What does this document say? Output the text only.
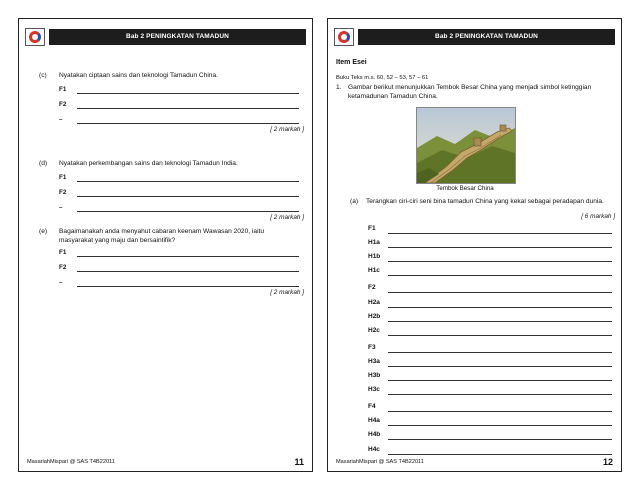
Bab 2 PENINGKATAN TAMADUN
(c) Nyatakan ciptaan sains dan teknologi Tamadun China.
F1
F2
–
[ 2 markah ]
(d) Nyatakan perkembangan sains dan teknologi Tamadun India.
F1
F2
–
[ 2 markah ]
(e) Bagaimanakah anda menyahut cabaran keenam Wawasan 2020, iaitu masyarakat yang maju dan bersaintifik?
F1
F2
–
[ 2 markah ]
MasariahMispari @ SAS T4B22011	11
Bab 2 PENINGKATAN TAMADUN
Item Esei
Buku Teks m.s. 60, 52 – 53, 57 – 61
1. Gambar berikut menunjukkan Tembok Besar China yang menjadi simbol ketinggian ketamadunan Tamadun China.
Tembok Besar China
(a) Terangkan ciri-ciri seni bina tamadun China yang kekal sebagai peradapan dunia.
[ 6 markah ]
F1
H1a
H1b
H1c
F2
H2a
H2b
H2c
F3
H3a
H3b
H3c
F4
H4a
H4b
H4c
MasariahMispari @ SAS T4B22011	12
